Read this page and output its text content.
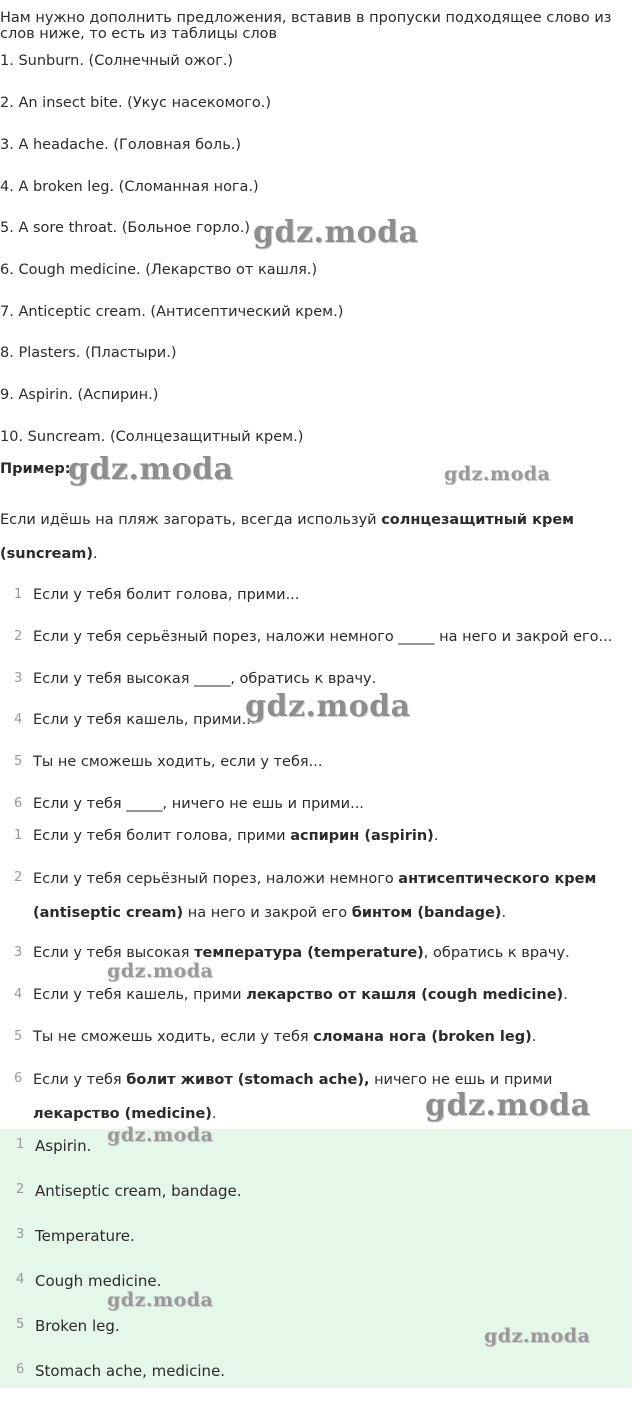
Нам нужно дополнить предложения, вставив в пропуски подходящее слово из
слов ниже, то есть из таблицы слов
1. Sunburn. (Солнечный ожог.)
2. An insect bite. (Укус насекомого.)
3. A headache. (Головная боль.)
4. A broken leg. (Сломанная нога.)
5. A sore throat. (Больное горло.)
6. Cough medicine. (Лекарство от кашля.)
7. Anticeptic cream. (Антисептический крем.)
8. Plasters. (Пластыри.)
9. Aspirin. (Аспирин.)
10. Suncream. (Солнцезащитный крем.)
Пример:
Если идёшь на пляж загорать, всегда используй солнцезащитный крем (suncream).
1 Если у тебя болит голова, прими...
2 Если у тебя серьёзный порез, наложи немного _____ на него и закрой его...
3 Если у тебя высокая _____, обратись к врачу.
4 Если у тебя кашель, прими...
5 Ты не сможешь ходить, если у тебя...
6 Если у тебя _____, ничего не ешь и прими...
1 Если у тебя болит голова, прими аспирин (aspirin).
2 Если у тебя серьёзный порез, наложи немного антисептического крем (antiseptic cream) на него и закрой его бинтом (bandage).
3 Если у тебя высокая температура (temperature), обратись к врачу.
4 Если у тебя кашель, прими лекарство от кашля (cough medicine).
5 Ты не сможешь ходить, если у тебя сломана нога (broken leg).
6 Если у тебя болит живот (stomach ache), ничего не ешь и прими лекарство (medicine).
1 Aspirin.
2 Antiseptic cream, bandage.
3 Temperature.
4 Cough medicine.
5 Broken leg.
6 Stomach ache, medicine.
gdz.moda
gdz.moda	gdz.moda
gdz.moda
gdz.moda
gdz.moda
gdz.moda
gdz.moda
gdz.moda
